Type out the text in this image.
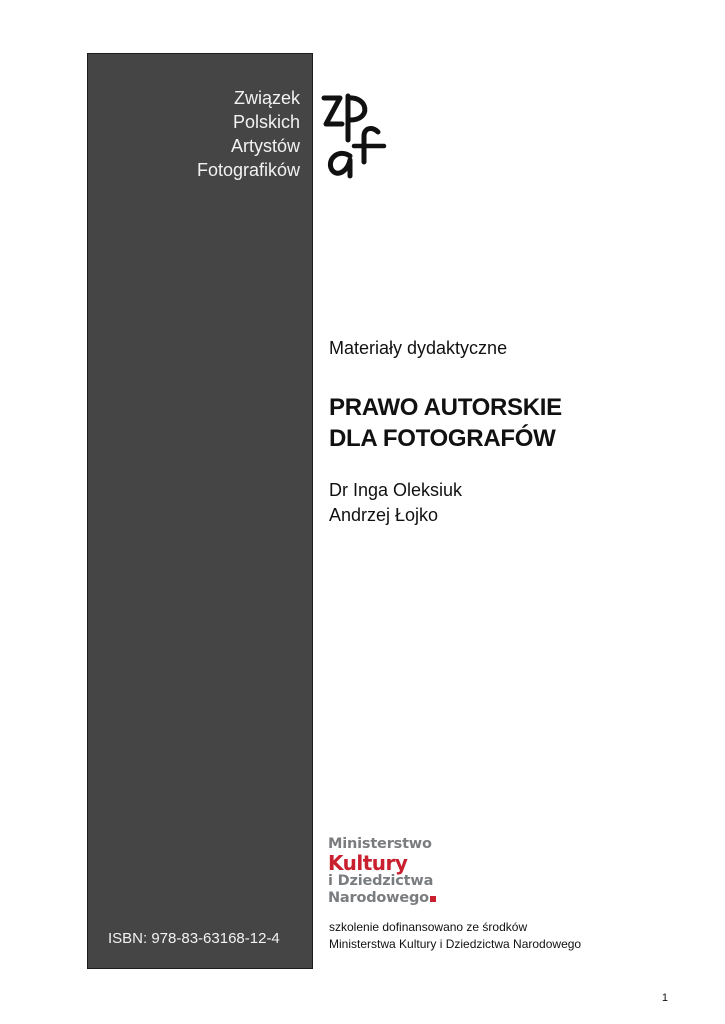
Związek
Polskich
Artystów
Fotografików
ISBN: 978-83-63168-12-4
Materiały dydaktyczne
PRAWO AUTORSKIE
DLA FOTOGRAFÓW
Dr Inga Oleksiuk
Andrzej Łojko
Ministerstwo
Kultury
i Dziedzictwa
Narodowego
szkolenie dofinansowano ze środków
Ministerstwa Kultury i Dziedzictwa Narodowego
1
